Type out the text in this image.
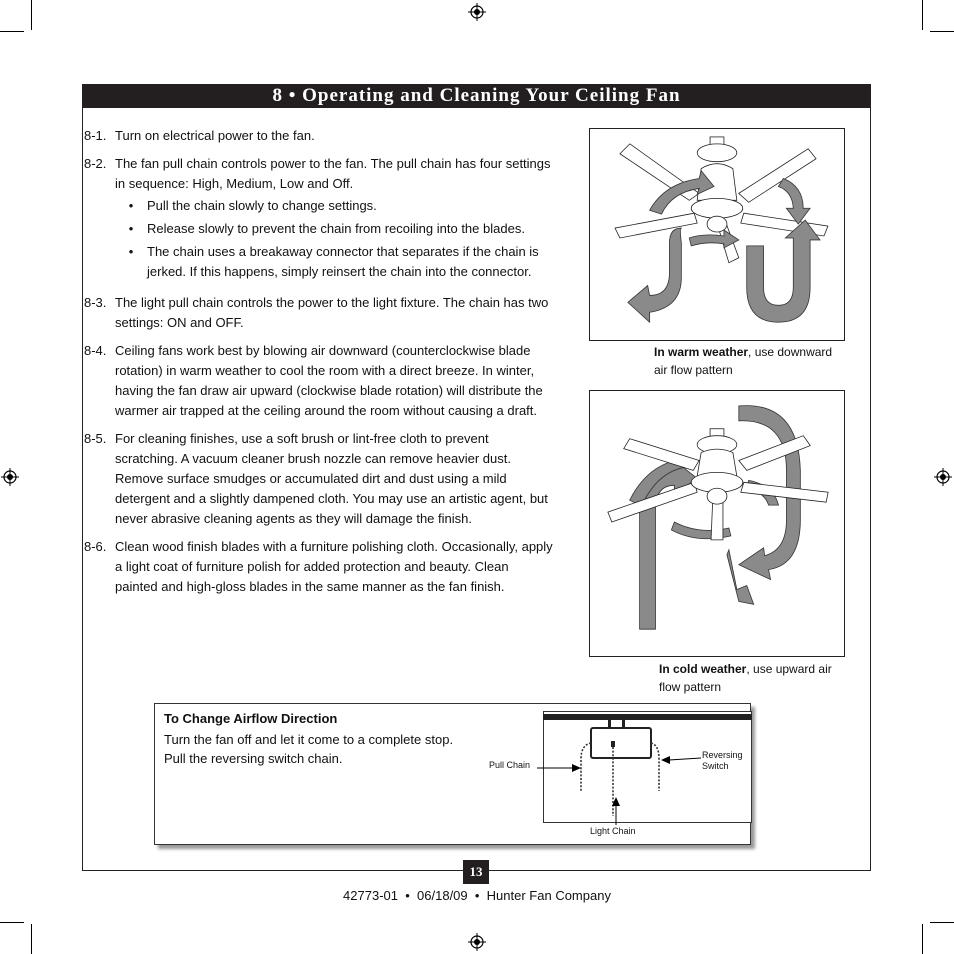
8 • Operating and Cleaning Your Ceiling Fan
8-1. Turn on electrical power to the fan.
8-2. The fan pull chain controls power to the fan. The pull chain has four settings in sequence: High, Medium, Low and Off.
•	Pull the chain slowly to change settings.
•	Release slowly to prevent the chain from recoiling into the blades.
•	The chain uses a breakaway connector that separates if the chain is jerked. If this happens, simply reinsert the chain into the connector.
8-3. The light pull chain controls the power to the light fixture. The chain has two settings: ON and OFF.
8-4. Ceiling fans work best by blowing air downward (counterclockwise blade rotation) in warm weather to cool the room with a direct breeze. In winter, having the fan draw air upward (clockwise blade rotation) will distribute the warmer air trapped at the ceiling around the room without causing a draft.
8-5. For cleaning finishes, use a soft brush or lint-free cloth to prevent scratching. A vacuum cleaner brush nozzle can remove heavier dust. Remove surface smudges or accumulated dirt and dust using a mild detergent and a slightly dampened cloth. You may use an artistic agent, but never abrasive cleaning agents as they will damage the finish.
8-6. Clean wood finish blades with a furniture polishing cloth. Occasionally, apply a light coat of furniture polish for added protection and beauty. Clean painted and high-gloss blades in the same manner as the fan finish.
In warm weather, use downward air flow pattern
In cold weather, use upward air flow pattern
To Change Airflow Direction
Turn the fan off and let it come to a complete stop.
Pull the reversing switch chain.	Pull Chain
Reversing
Switch
Light Chain
13
42773-01 • 06/18/09 • Hunter Fan Company
